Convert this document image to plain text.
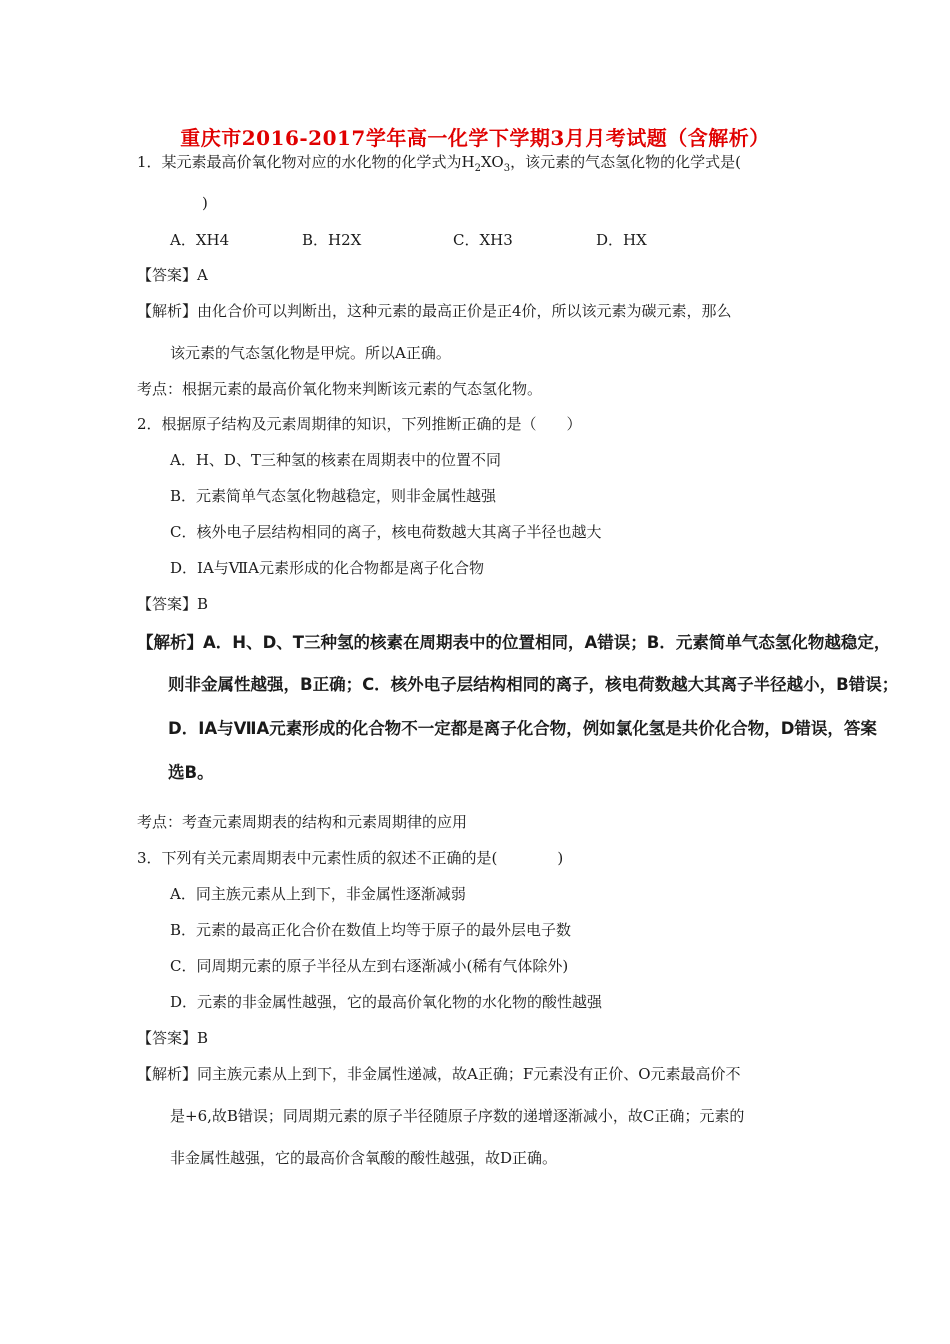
重庆市2016-2017学年高一化学下学期3月月考试题（含解析）
1．某元素最高价氧化物对应的水化物的化学式为$H_2XO_3$，该元素的气态氢化物的化学式是(
)
A．XH4	B．H2X	C．XH3	D．HX
【答案】A
【解析】由化合价可以判断出，这种元素的最高正价是正4价，所以该元素为碳元素，那么
该元素的气态氢化物是甲烷。所以A正确。
考点：根据元素的最高价氧化物来判断该元素的气态氢化物。
2．根据原子结构及元素周期律的知识，下列推断正确的是（　　）
A．H、D、T三种氢的核素在周期表中的位置不同
B．元素简单气态氢化物越稳定，则非金属性越强
C．核外电子层结构相同的离子，核电荷数越大其离子半径也越大
D．ⅠA与ⅦA元素形成的化合物都是离子化合物
【答案】B
【解析】A．H、D、T三种氢的核素在周期表中的位置相同，A错误；B．元素简单气态氢化物越稳定，
则非金属性越强，B正确；C．核外电子层结构相同的离子，核电荷数越大其离子半径越小，B错误；
D．ⅠA与ⅦA元素形成的化合物不一定都是离子化合物，例如氯化氢是共价化合物，D错误，答案
选B。
考点：考查元素周期表的结构和元素周期律的应用
3．下列有关元素周期表中元素性质的叙述不正确的是(　　　　)
A．同主族元素从上到下，非金属性逐渐减弱
B．元素的最高正化合价在数值上均等于原子的最外层电子数
C．同周期元素的原子半径从左到右逐渐减小(稀有气体除外)
D．元素的非金属性越强，它的最高价氧化物的水化物的酸性越强
【答案】B
【解析】同主族元素从上到下，非金属性递减，故A正确；F元素没有正价、O元素最高价不
是+6,故B错误；同周期元素的原子半径随原子序数的递增逐渐减小，故C正确；元素的
非金属性越强，它的最高价含氧酸的酸性越强，故D正确。
